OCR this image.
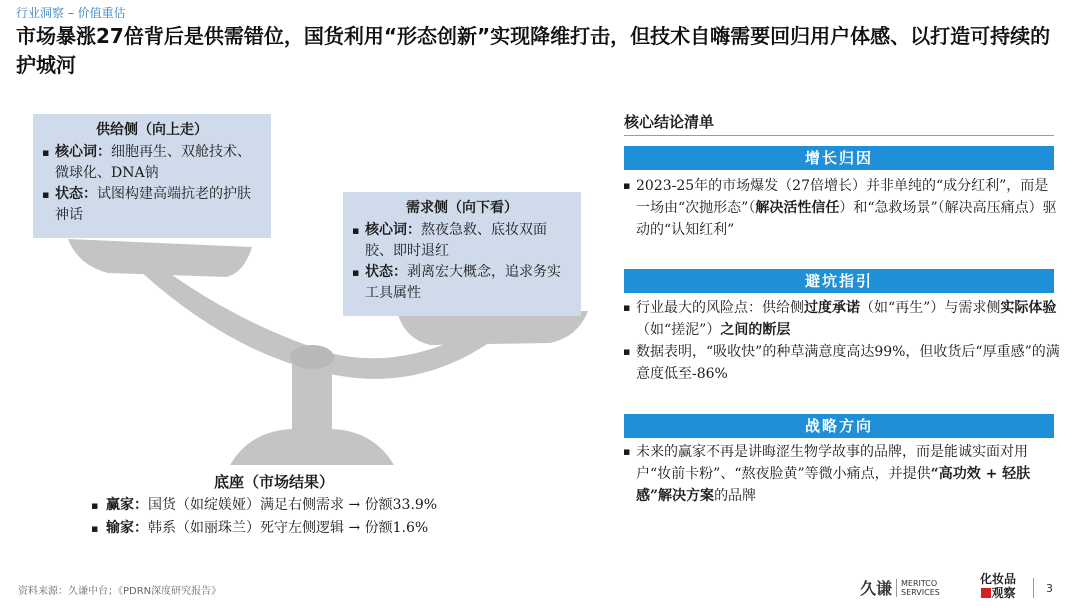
行业洞察 – 价值重估
市场暴涨27倍背后是供需错位，国货利用“形态创新”实现降维打击，但技术自嗨需要回归用户体感、以打造可持续的护城河
供给侧（向上走）
▪ 核心词：细胞再生、双舱技术、微球化、DNA钠
▪ 状态：试图构建高端抗老的护肤神话	需求侧（向下看）
▪ 核心词：熬夜急救、底妆双面胶、即时退红
▪ 状态：剥离宏大概念，追求务实工具属性
底座（市场结果）
▪ 赢家：国货（如绽媄娅）满足右侧需求 → 份额33.9%
▪ 输家：韩系（如丽珠兰）死守左侧逻辑 → 份额1.6%
核心结论清单
增长归因
▪ 2023-25年的市场爆发（27倍增长）并非单纯的“成分红利”，而是一场由“次抛形态”（解决活性信任）和“急救场景”（解决高压痛点）驱动的“认知红利”
避坑指引
▪ 行业最大的风险点：供给侧过度承诺（如“再生”）与需求侧实际体验（如“搓泥”）之间的断层
▪ 数据表明，“吸收快”的种草满意度高达99%，但收货后“厚重感”的满意度低至-86%
战略方向
▪ 未来的赢家不再是讲晦涩生物学故事的品牌，而是能诚实面对用户“妆前卡粉”、“熬夜脸黄”等微小痛点，并提供“高功效 + 轻肤感”解决方案的品牌
资料来源：久谦中台；《PDRN深度研究报告》	久谦	MERITCO
SERVICES
化妆品
观察	3
